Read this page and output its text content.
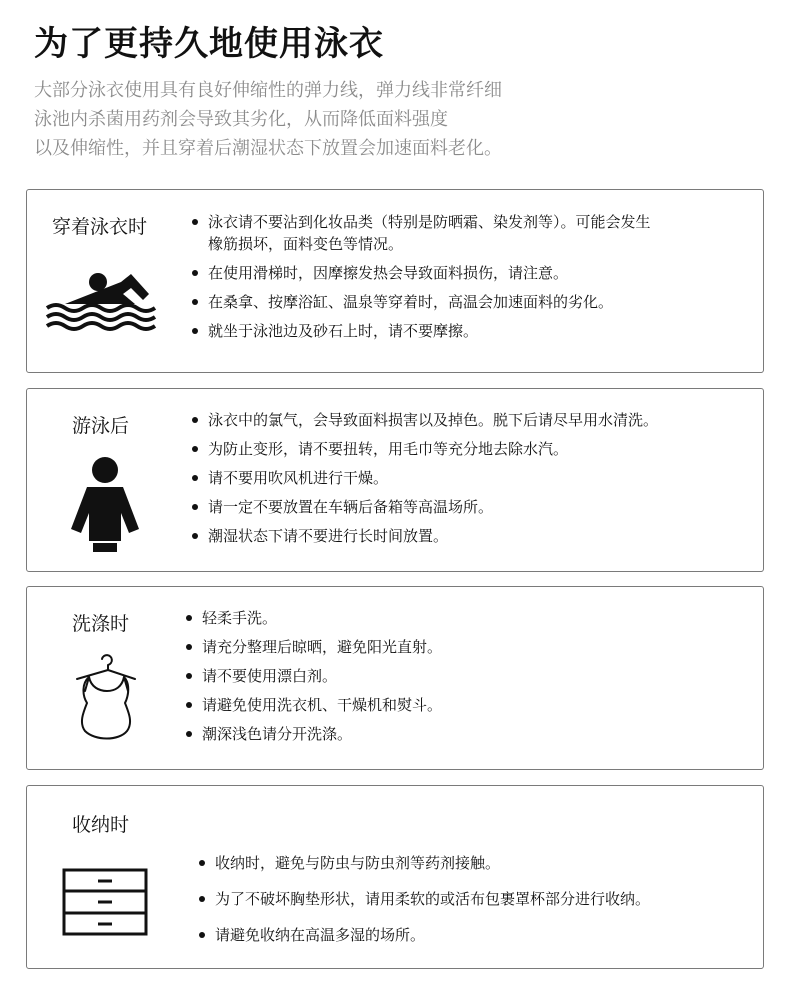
为了更持久地使用泳衣
大部分泳衣使用具有良好伸缩性的弹力线，弹力线非常纤细
泳池内杀菌用药剂会导致其劣化，从而降低面料强度
以及伸缩性，并且穿着后潮湿状态下放置会加速面料老化。
穿着泳衣时	泳衣请不要沾到化妆品类（特别是防晒霜、染发剂等）。可能会发生
橡筋损坏，面料变色等情况。
在使用滑梯时，因摩擦发热会导致面料损伤，请注意。
在桑拿、按摩浴缸、温泉等穿着时，高温会加速面料的劣化。
就坐于泳池边及砂石上时，请不要摩擦。
游泳后	泳衣中的氯气，会导致面料损害以及掉色。脱下后请尽早用水清洗。
为防止变形，请不要扭转，用毛巾等充分地去除水汽。
请不要用吹风机进行干燥。
请一定不要放置在车辆后备箱等高温场所。
潮湿状态下请不要进行长时间放置。
洗涤时	轻柔手洗。
请充分整理后晾晒，避免阳光直射。
请不要使用漂白剂。
请避免使用洗衣机、干燥机和熨斗。
潮深浅色请分开洗涤。
收纳时
收纳时，避免与防虫与防虫剂等药剂接触。
为了不破坏胸垫形状，请用柔软的或活布包裹罩杯部分进行收纳。
请避免收纳在高温多湿的场所。
